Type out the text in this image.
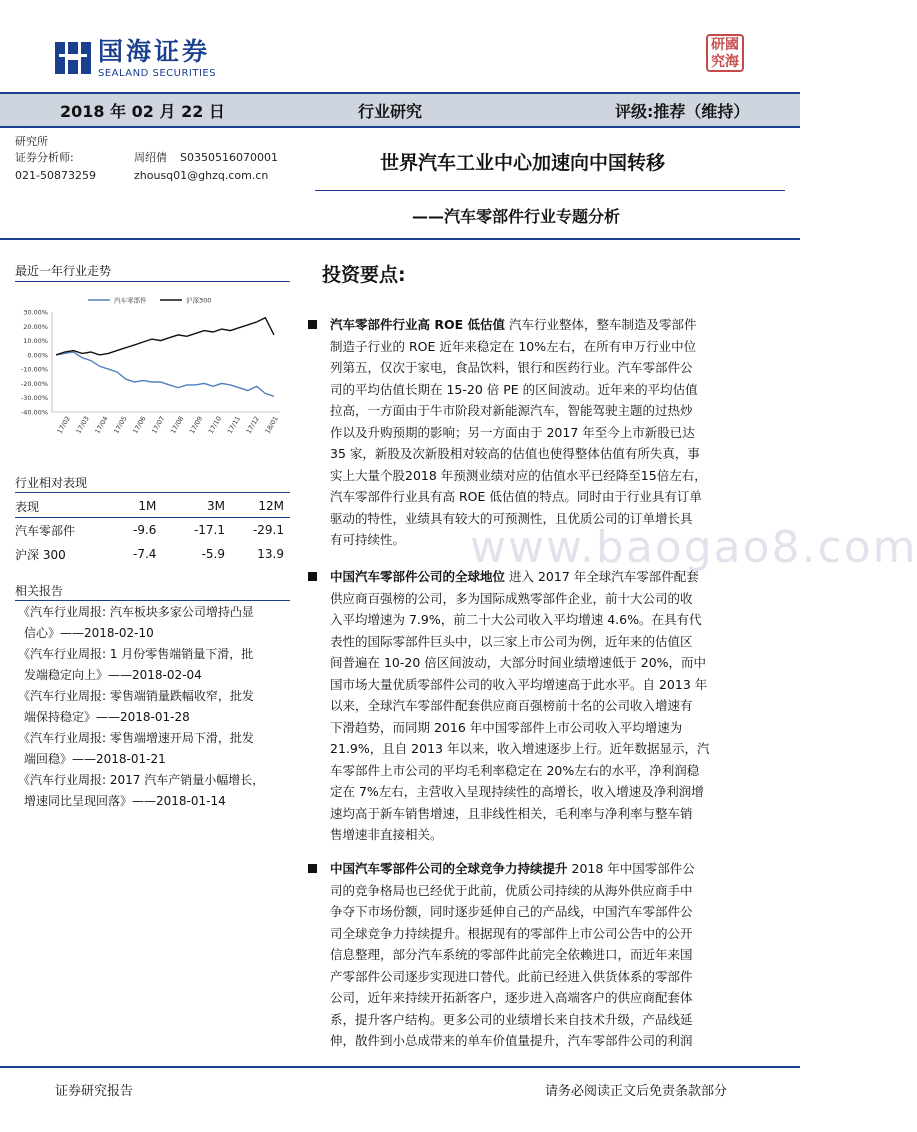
国海证券
SEALAND SECURITIES
研國
究海
2018 年 02 月 22 日	行业研究	评级:推荐（维持）
研究所
证券分析师:	周绍倩 S0350516070001
021-50873259	zhousq01@ghzq.com.cn
世界汽车工业中心加速向中国转移
——汽车零部件行业专题分析
最近一年行业走势
30.00%
20.00%
10.00%
0.00%
-10.00%
-20.00%
-30.00%
-40.00%
17/02 17/03 17/04 17/05 17/06 17/07 17/08 17/09 17/10 17/11 17/12 18/01
汽车零部件	沪深300
行业相对表现
表现	1M	3M	12M
汽车零部件	-9.6	-17.1	-29.1
沪深 300	-7.4	-5.9	13.9
相关报告
《汽车行业周报: 汽车板块多家公司增持凸显
信心》——2018-02-10
《汽车行业周报: 1 月份零售端销量下滑，批
发端稳定向上》——2018-02-04
《汽车行业周报: 零售端销量跌幅收窄，批发
端保持稳定》——2018-01-28
《汽车行业周报: 零售端增速开局下滑，批发
端回稳》——2018-01-21
《汽车行业周报: 2017 汽车产销量小幅增长，
增速同比呈现回落》——2018-01-14
投资要点:
www.baogao8.com
汽车零部件行业高 ROE 低估值 汽车行业整体，整车制造及零部件
制造子行业的 ROE 近年来稳定在 10%左右，在所有申万行业中位
列第五，仅次于家电，食品饮料，银行和医药行业。汽车零部件公
司的平均估值长期在 15-20 倍 PE 的区间波动。近年来的平均估值
拉高，一方面由于牛市阶段对新能源汽车，智能驾驶主题的过热炒
作以及升购预期的影响；另一方面由于 2017 年至今上市新股已达
35 家，新股及次新股相对较高的估值也使得整体估值有所失真，事
实上大量个股2018 年预测业绩对应的估值水平已经降至15倍左右，
汽车零部件行业具有高 ROE 低估值的特点。同时由于行业具有订单
驱动的特性，业绩具有较大的可预测性，且优质公司的订单增长具
有可持续性。
中国汽车零部件公司的全球地位 进入 2017 年全球汽车零部件配套
供应商百强榜的公司，多为国际成熟零部件企业，前十大公司的收
入平均增速为 7.9%，前二十大公司收入平均增速 4.6%。在具有代
表性的国际零部件巨头中，以三家上市公司为例，近年来的估值区
间普遍在 10-20 倍区间波动，大部分时间业绩增速低于 20%，而中
国市场大量优质零部件公司的收入平均增速高于此水平。自 2013 年
以来，全球汽车零部件配套供应商百强榜前十名的公司收入增速有
下滑趋势，而同期 2016 年中国零部件上市公司收入平均增速为
21.9%，且自 2013 年以来，收入增速逐步上行。近年数据显示，汽
车零部件上市公司的平均毛利率稳定在 20%左右的水平，净利润稳
定在 7%左右，主营收入呈现持续性的高增长，收入增速及净利润增
速均高于新车销售增速，且非线性相关，毛利率与净利率与整车销
售增速非直接相关。
中国汽车零部件公司的全球竞争力持续提升 2018 年中国零部件公
司的竞争格局也已经优于此前，优质公司持续的从海外供应商手中
争夺下市场份额，同时逐步延伸自己的产品线，中国汽车零部件公
司全球竞争力持续提升。根据现有的零部件上市公司公告中的公开
信息整理，部分汽车系统的零部件此前完全依赖进口，而近年来国
产零部件公司逐步实现进口替代。此前已经进入供货体系的零部件
公司，近年来持续开拓新客户，逐步进入高端客户的供应商配套体
系，提升客户结构。更多公司的业绩增长来自技术升级，产品线延
伸，散件到小总成带来的单车价值量提升，汽车零部件公司的利润
证券研究报告	请务必阅读正文后免责条款部分
